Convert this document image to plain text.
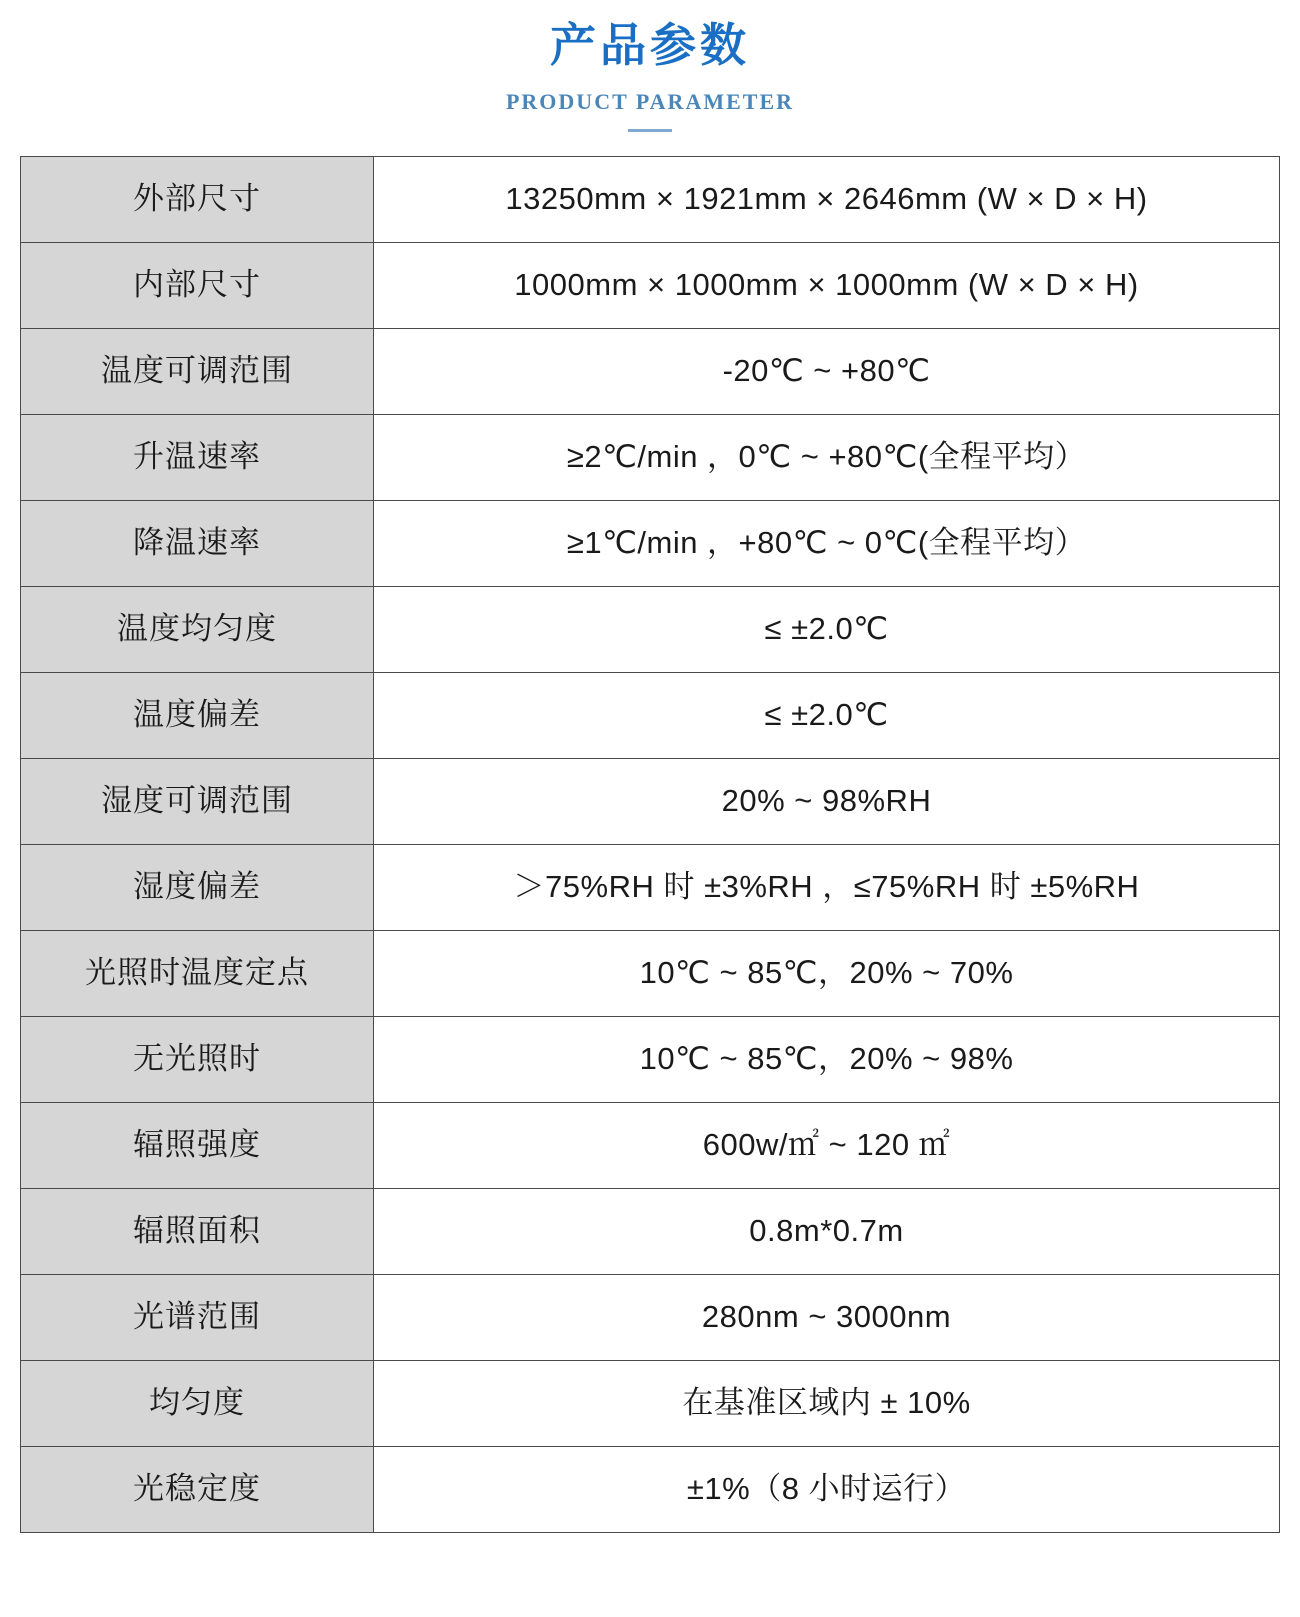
产品参数
PRODUCT PARAMETER
外部尺寸	13250mm × 1921mm × 2646mm (W × D × H)
内部尺寸	1000mm × 1000mm × 1000mm (W × D × H)
温度可调范围	-20℃ ~ +80℃
升温速率	≥2℃/min ，0℃ ~ +80℃(全程平均）
降温速率	≥1℃/min ，+80℃ ~ 0℃(全程平均）
温度均匀度	≤ ±2.0℃
温度偏差	≤ ±2.0℃
湿度可调范围	20% ~ 98%RH
湿度偏差	＞75%RH 时 ±3%RH ，≤75%RH 时 ±5%RH
光照时温度定点	10℃ ~ 85℃，20% ~ 70%
无光照时	10℃ ~ 85℃，20% ~ 98%
辐照强度	600w/㎡ ~ 120 ㎡
辐照面积	0.8m*0.7m
光谱范围	280nm ~ 3000nm
均匀度	在基准区域内 ± 10%
光稳定度	±1%（8 小时运行）
